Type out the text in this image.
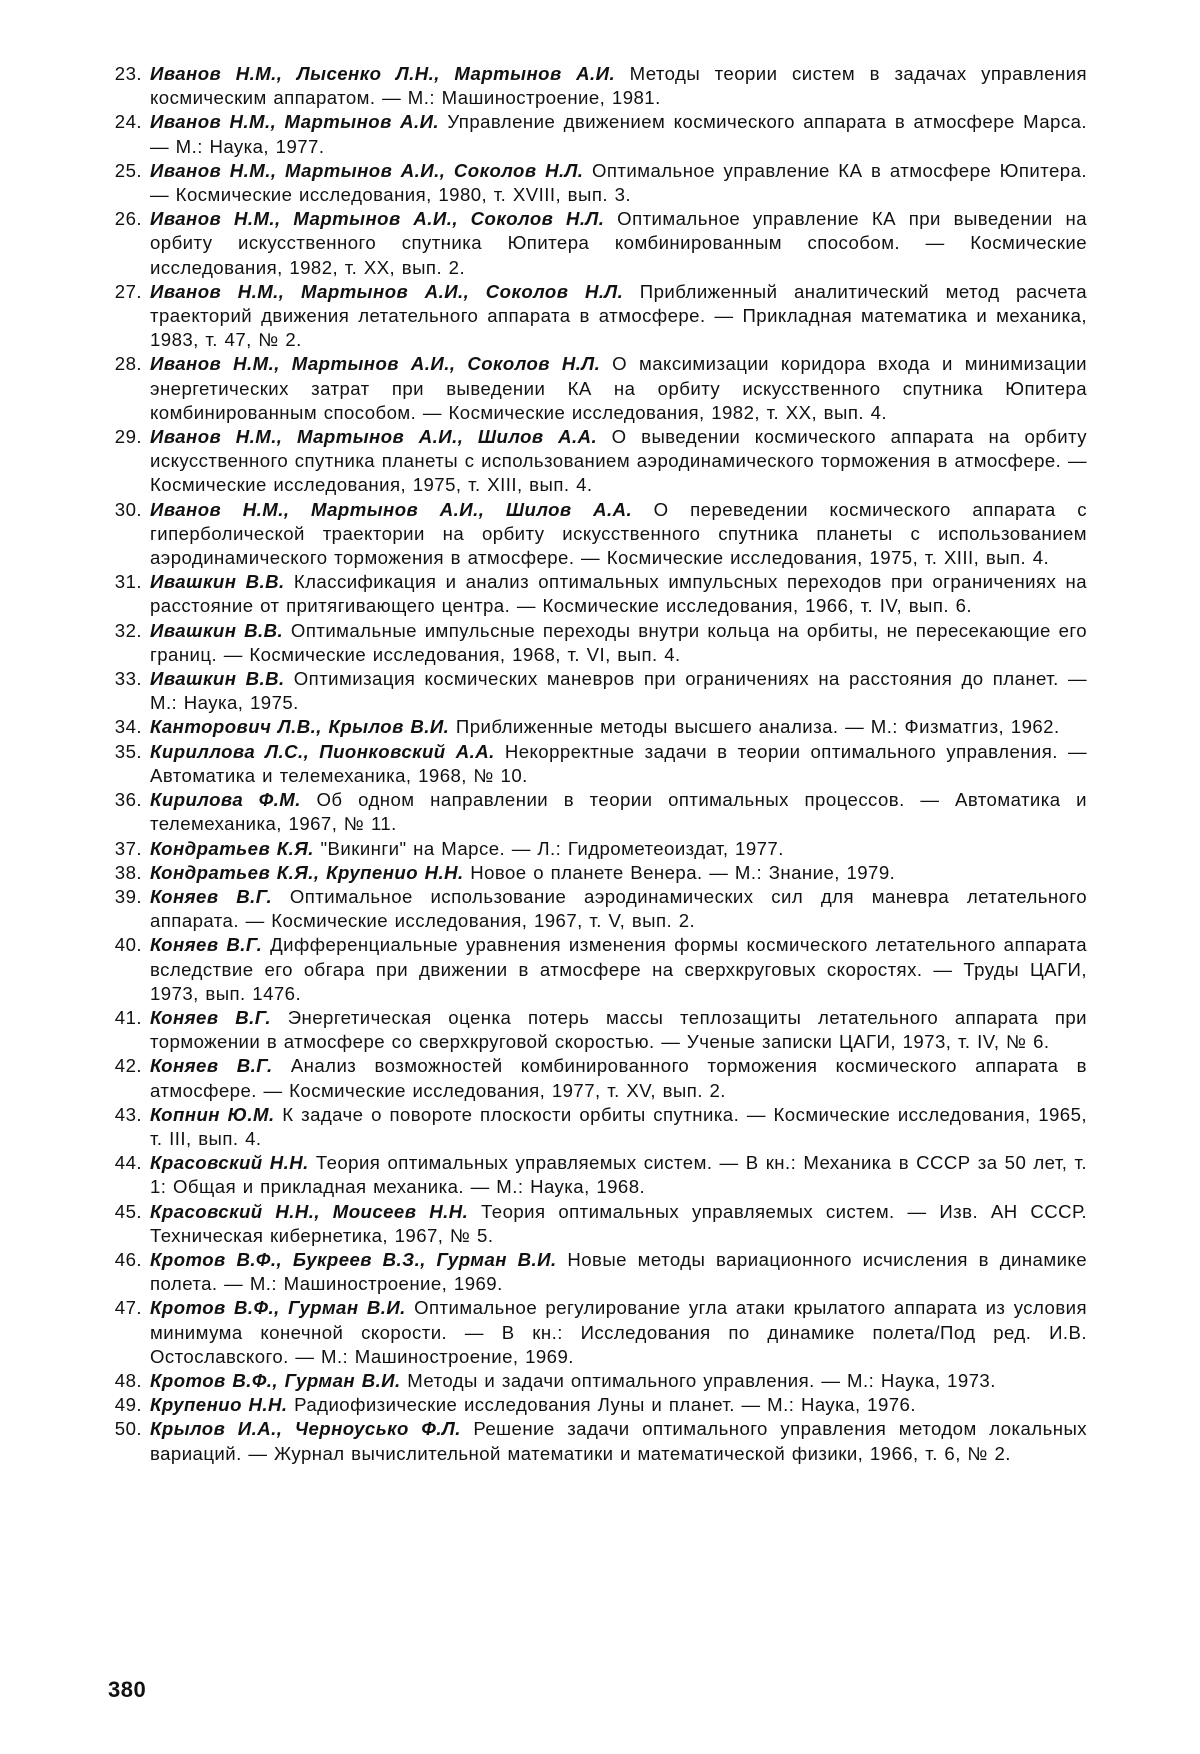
23. Иванов Н.М., Лысенко Л.Н., Мартынов А.И. Методы теории систем в задачах управления космическим аппаратом. — М.: Машиностроение, 1981.
24. Иванов Н.М., Мартынов А.И. Управление движением космического аппарата в атмосфере Марса. — М.: Наука, 1977.
25. Иванов Н.М., Мартынов А.И., Соколов Н.Л. Оптимальное управление КА в атмосфере Юпитера. — Космические исследования, 1980, т. XVIII, вып. 3.
26. Иванов Н.М., Мартынов А.И., Соколов Н.Л. Оптимальное управление КА при выведении на орбиту искусственного спутника Юпитера комбинированным способом. — Космические исследования, 1982, т. XX, вып. 2.
27. Иванов Н.М., Мартынов А.И., Соколов Н.Л. Приближенный аналитический метод расчета траекторий движения летательного аппарата в атмосфере. — Прикладная математика и механика, 1983, т. 47, № 2.
28. Иванов Н.М., Мартынов А.И., Соколов Н.Л. О максимизации коридора входа и минимизации энергетических затрат при выведении КА на орбиту искусственного спутника Юпитера комбинированным способом. — Космические исследования, 1982, т. XX, вып. 4.
29. Иванов Н.М., Мартынов А.И., Шилов А.А. О выведении космического аппарата на орбиту искусственного спутника планеты с использованием аэродинамического торможения в атмосфере. — Космические исследования, 1975, т. XIII, вып. 4.
30. Иванов Н.М., Мартынов А.И., Шилов А.А. О переведении космического аппарата с гиперболической траектории на орбиту искусственного спутника планеты с использованием аэродинамического торможения в атмосфере. — Космические исследования, 1975, т. XIII, вып. 4.
31. Ивашкин В.В. Классификация и анализ оптимальных импульсных переходов при ограничениях на расстояние от притягивающего центра. — Космические исследования, 1966, т. IV, вып. 6.
32. Ивашкин В.В. Оптимальные импульсные переходы внутри кольца на орбиты, не пересекающие его границ. — Космические исследования, 1968, т. VI, вып. 4.
33. Ивашкин В.В. Оптимизация космических маневров при ограничениях на расстояния до планет. — М.: Наука, 1975.
34. Канторович Л.В., Крылов В.И. Приближенные методы высшего анализа. — М.: Физматгиз, 1962.
35. Кириллова Л.С., Пионковский А.А. Некорректные задачи в теории оптимального управления. — Автоматика и телемеханика, 1968, № 10.
36. Кирилова Ф.М. Об одном направлении в теории оптимальных процессов. — Автоматика и телемеханика, 1967, № 11.
37. Кондратьев К.Я. "Викинги" на Марсе. — Л.: Гидрометеоиздат, 1977.
38. Кондратьев К.Я., Крупенио Н.Н. Новое о планете Венера. — М.: Знание, 1979.
39. Коняев В.Г. Оптимальное использование аэродинамических сил для маневра летательного аппарата. — Космические исследования, 1967, т. V, вып. 2.
40. Коняев В.Г. Дифференциальные уравнения изменения формы космического летательного аппарата вследствие его обгара при движении в атмосфере на сверхкруговых скоростях. — Труды ЦАГИ, 1973, вып. 1476.
41. Коняев В.Г. Энергетическая оценка потерь массы теплозащиты летательного аппарата при торможении в атмосфере со сверхкруговой скоростью. — Ученые записки ЦАГИ, 1973, т. IV, № 6.
42. Коняев В.Г. Анализ возможностей комбинированного торможения космического аппарата в атмосфере. — Космические исследования, 1977, т. XV, вып. 2.
43. Копнин Ю.М. К задаче о повороте плоскости орбиты спутника. — Космические исследования, 1965, т. III, вып. 4.
44. Красовский Н.Н. Теория оптимальных управляемых систем. — В кн.: Механика в СССР за 50 лет, т. 1: Общая и прикладная механика. — М.: Наука, 1968.
45. Красовский Н.Н., Моисеев Н.Н. Теория оптимальных управляемых систем. — Изв. АН СССР. Техническая кибернетика, 1967, № 5.
46. Кротов В.Ф., Букреев В.З., Гурман В.И. Новые методы вариационного исчисления в динамике полета. — М.: Машиностроение, 1969.
47. Кротов В.Ф., Гурман В.И. Оптимальное регулирование угла атаки крылатого аппарата из условия минимума конечной скорости. — В кн.: Исследования по динамике полета/Под ред. И.В. Остославского. — М.: Машиностроение, 1969.
48. Кротов В.Ф., Гурман В.И. Методы и задачи оптимального управления. — М.: Наука, 1973.
49. Крупенио Н.Н. Радиофизические исследования Луны и планет. — М.: Наука, 1976.
50. Крылов И.А., Черноусько Ф.Л. Решение задачи оптимального управления методом локальных вариаций. — Журнал вычислительной математики и математической физики, 1966, т. 6, № 2.
380
